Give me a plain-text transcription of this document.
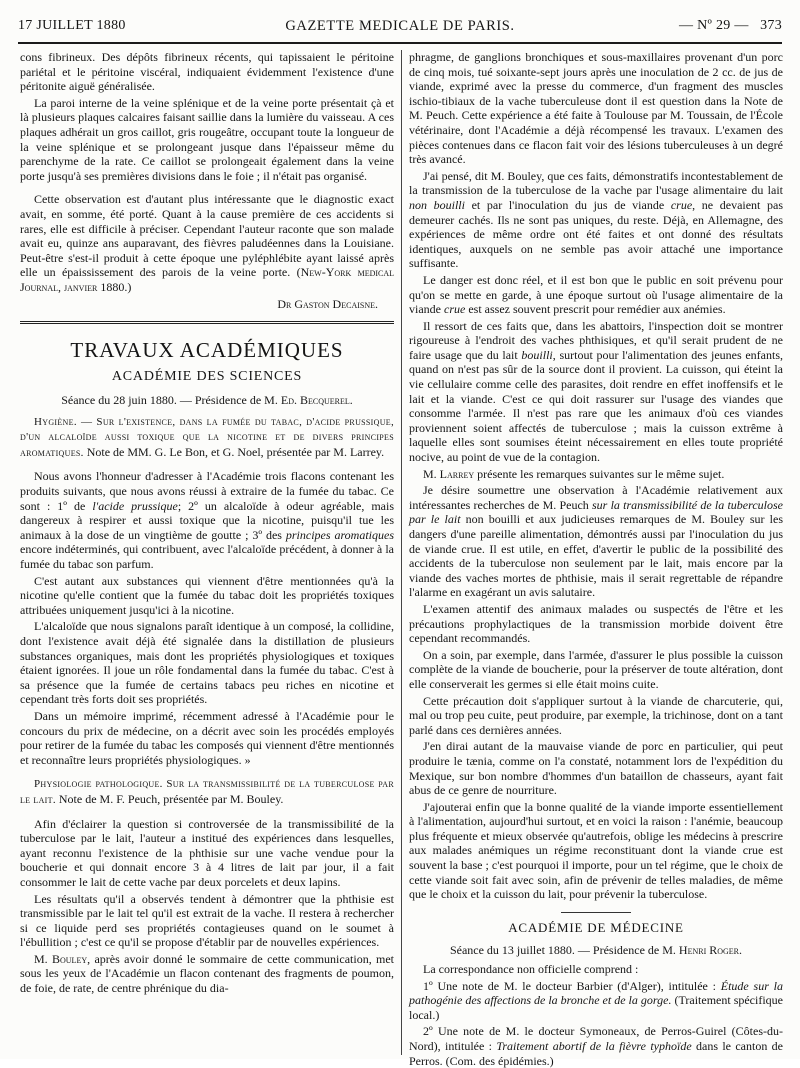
17 JUILLET 1880	GAZETTE MEDICALE DE PARIS.	— Nº 29 — 373

cons fibrineux. Des dépôts fibrineux récents, qui tapissaient le péritoine pariétal et le péritoine viscéral, indiquaient évidemment l'existence d'une péritonite aiguë généralisée.

La paroi interne de la veine splénique et de la veine porte présentait çà et là plusieurs plaques calcaires faisant saillie dans la lumière du vaisseau. A ces plaques adhérait un gros caillot, gris rougeâtre, occupant toute la longueur de la veine splénique et se prolongeant jusque dans l'épaisseur même du parenchyme de la rate. Ce caillot se prolongeait également dans la veine porte jusqu'à ses premières divisions dans le foie ; il n'était pas organisé.

Cette observation est d'autant plus intéressante que le diagnostic exact avait, en somme, été porté. Quant à la cause première de ces accidents si rares, elle est difficile à préciser. Cependant l'auteur raconte que son malade avait eu, quinze ans auparavant, des fièvres paludéennes dans la Louisiane. Peut-être s'est-il produit à cette époque une pyléphlébite ayant laissé après elle un épaississement des parois de la veine porte. (New-York medical Journal, janvier 1880.)

Dr Gaston Decaisne.

TRAVAUX ACADÉMIQUES
ACADÉMIE DES SCIENCES
Séance du 28 juin 1880. — Présidence de M. Ed. Becquerel.

Hygiène. — Sur l'existence, dans la fumée du tabac, d'acide prussique, d'un alcaloïde aussi toxique que la nicotine et de divers principes aromatiques. Note de MM. G. Le Bon, et G. Noel, présentée par M. Larrey.

Nous avons l'honneur d'adresser à l'Académie trois flacons contenant les produits suivants, que nous avons réussi à extraire de la fumée du tabac. Ce sont : 1º de l'acide prussique; 2º un alcaloïde à odeur agréable, mais dangereux à respirer et aussi toxique que la nicotine, puisqu'il tue les animaux à la dose de un vingtième de goutte ; 3º des principes aromatiques encore indéterminés, qui contribuent, avec l'alcaloïde précédent, à donner à la fumée du tabac son parfum.

C'est autant aux substances qui viennent d'être mentionnées qu'à la nicotine qu'elle contient que la fumée du tabac doit les propriétés toxiques attribuées uniquement jusqu'ici à la nicotine.

L'alcaloïde que nous signalons paraît identique à un composé, la collidine, dont l'existence avait déjà été signalée dans la distillation de plusieurs substances organiques, mais dont les propriétés physiologiques et toxiques étaient ignorées. Il joue un rôle fondamental dans la fumée du tabac. C'est à sa présence que la fumée de certains tabacs peu riches en nicotine et cependant très forts doit ses propriétés.

Dans un mémoire imprimé, récemment adressé à l'Académie pour le concours du prix de médecine, on a décrit avec soin les procédés employés pour retirer de la fumée du tabac les composés qui viennent d'être mentionnés et reconnaître leurs propriétés physiologiques. »

Physiologie pathologique. Sur la transmissibilité de la tuberculose par le lait. Note de M. F. Peuch, présentée par M. Bouley.

Afin d'éclairer la question si controversée de la transmissibilité de la tuberculose par le lait, l'auteur a institué des expériences dans lesquelles, ayant reconnu l'existence de la phthisie sur une vache vendue pour la boucherie et qui donnait encore 3 à 4 litres de lait par jour, il a fait consommer le lait de cette vache par deux porcelets et deux lapins.

Les résultats qu'il a observés tendent à démontrer que la phthisie est transmissible par le lait tel qu'il est extrait de la vache. Il restera à rechercher si ce liquide perd ses propriétés contagieuses quand on le soumet à l'ébullition ; c'est ce qu'il se propose d'établir par de nouvelles expériences.

M. Bouley, après avoir donné le sommaire de cette communication, met sous les yeux de l'Académie un flacon contenant des fragments de poumon, de foie, de rate, de centre phrénique du dia-

phragme, de ganglions bronchiques et sous-maxillaires provenant d'un porc de cinq mois, tué soixante-sept jours après une inoculation de 2 cc. de jus de viande, exprimé avec la presse du commerce, d'un fragment des muscles ischio-tibiaux de la vache tuberculeuse dont il est question dans la Note de M. Peuch. Cette expérience a été faite à Toulouse par M. Toussain, de l'École vétérinaire, dont l'Académie a déjà récompensé les travaux. L'examen des pièces contenues dans ce flacon fait voir des lésions tuberculeuses à un degré très avancé.

J'ai pensé, dit M. Bouley, que ces faits, démonstratifs incontestablement de la transmission de la tuberculose de la vache par l'usage alimentaire du lait non bouilli et par l'inoculation du jus de viande crue, ne devaient pas demeurer cachés. Ils ne sont pas uniques, du reste. Déjà, en Allemagne, des expériences de même ordre ont été faites et ont donné des résultats identiques, auxquels on ne semble pas avoir attaché une importance suffisante.

Le danger est donc réel, et il est bon que le public en soit prévenu pour qu'on se mette en garde, à une époque surtout où l'usage alimentaire de la viande crue est assez souvent prescrit pour remédier aux anémies.

Il ressort de ces faits que, dans les abattoirs, l'inspection doit se montrer rigoureuse à l'endroit des vaches phthisiques, et qu'il serait prudent de ne faire usage que du lait bouilli, surtout pour l'alimentation des jeunes enfants, quand on n'est pas sûr de la source dont il provient. La cuisson, qui éteint la vie cellulaire comme celle des parasites, doit rendre en effet inoffensifs et le lait et la viande. C'est ce qui doit rassurer sur l'usage des viandes que consomme l'armée. Il n'est pas rare que les animaux d'où ces viandes proviennent soient affectés de tuberculose ; mais la cuisson extrême à laquelle elles sont soumises éteint nécessairement en elles toute propriété nocive, au point de vue de la contagion.

M. Larrey présente les remarques suivantes sur le même sujet.

Je désire soumettre une observation à l'Académie relativement aux intéressantes recherches de M. Peuch sur la transmissibilité de la tuberculose par le lait non bouilli et aux judicieuses remarques de M. Bouley sur les dangers d'une pareille alimentation, démontrés aussi par l'inoculation du jus de viande crue. Il est utile, en effet, d'avertir le public de la possibilité des accidents de la tuberculose non seulement par le lait, mais encore par la viande des vaches mortes de phthisie, mais il serait regrettable de répandre l'alarme en exagérant un avis salutaire.

L'examen attentif des animaux malades ou suspectés de l'être et les précautions prophylactiques de la transmission morbide doivent être cependant recommandés.

On a soin, par exemple, dans l'armée, d'assurer le plus possible la cuisson complète de la viande de boucherie, pour la préserver de toute altération, dont elle conserverait les germes si elle était moins cuite.

Cette précaution doit s'appliquer surtout à la viande de charcuterie, qui, mal ou trop peu cuite, peut produire, par exemple, la trichinose, dont on a tant parlé dans ces dernières années.

J'en dirai autant de la mauvaise viande de porc en particulier, qui peut produire le tænia, comme on l'a constaté, notamment lors de l'expédition du Mexique, sur bon nombre d'hommes d'un bataillon de chasseurs, ayant fait abus de ce genre de nourriture.

J'ajouterai enfin que la bonne qualité de la viande importe essentiellement à l'alimentation, aujourd'hui surtout, et en voici la raison : l'anémie, beaucoup plus fréquente et mieux observée qu'autrefois, oblige les médecins à prescrire aux malades anémiques un régime reconstituant dont la viande crue est souvent la base ; c'est pourquoi il importe, pour un tel régime, que le choix de cette viande soit fait avec soin, afin de prévenir de telles maladies, de même que le choix et la cuisson du lait, pour prévenir la tuberculose.

ACADÉMIE DE MÉDECINE
Séance du 13 juillet 1880. — Présidence de M. Henri Roger.

La correspondance non officielle comprend :

1º Une note de M. le docteur Barbier (d'Alger), intitulée : Étude sur la pathogénie des affections de la bronche et de la gorge. (Traitement spécifique local.)

2º Une note de M. le docteur Symoneaux, de Perros-Guirel (Côtes-du-Nord), intitulée : Traitement abortif de la fièvre typhoïde dans le canton de Perros. (Com. des épidémies.)
